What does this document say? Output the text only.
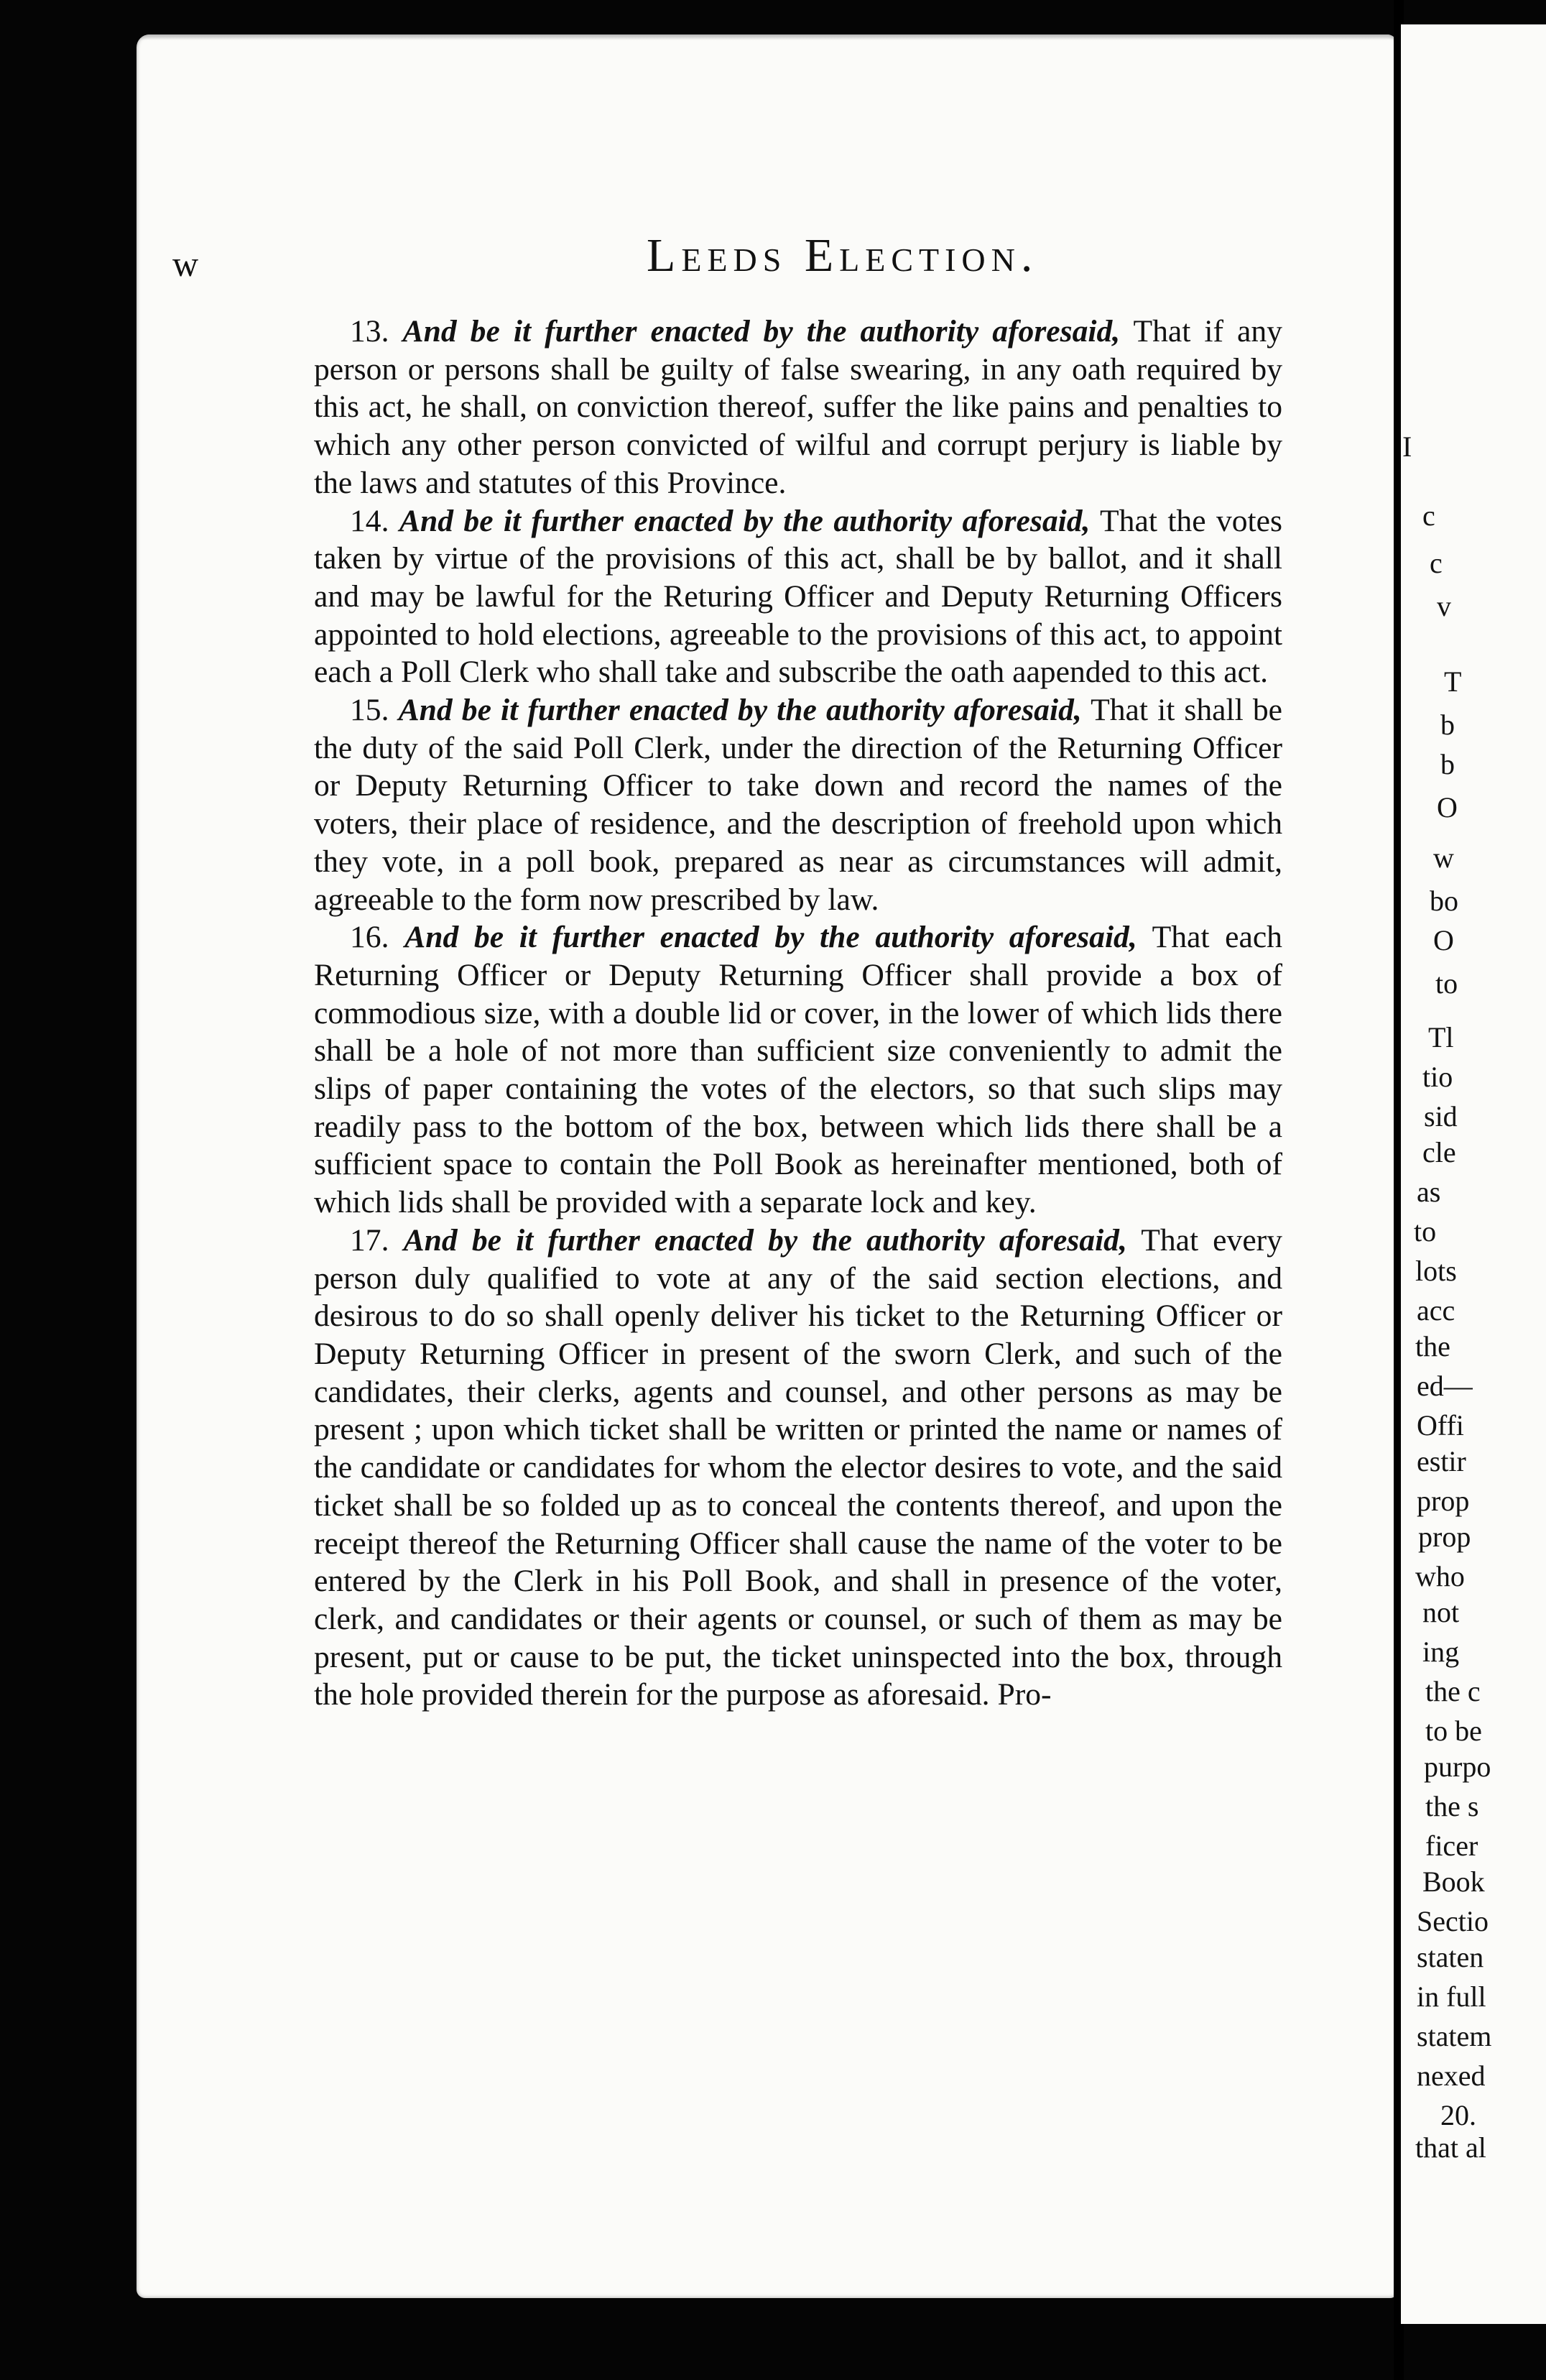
w	Leeds Election.

13. And be it further enacted by the authority aforesaid, That if any person or persons shall be guilty of false swearing, in any oath required by this act, he shall, on conviction thereof, suffer the like pains and penalties to which any other person convicted of wilful and corrupt perjury is liable by the laws and statutes of this Province.

14. And be it further enacted by the authority aforesaid, That the votes taken by virtue of the provisions of this act, shall be by ballot, and it shall and may be lawful for the Returing Officer and Deputy Returning Officers appointed to hold elections, agreeable to the provisions of this act, to appoint each a Poll Clerk who shall take and subscribe the oath aapended to this act.

15. And be it further enacted by the authority aforesaid, That it shall be the duty of the said Poll Clerk, under the direction of the Returning Officer or Deputy Returning Officer to take down and record the names of the voters, their place of residence, and the description of freehold upon which they vote, in a poll book, prepared as near as circumstances will admit, agreeable to the form now prescribed by law.

16. And be it further enacted by the authority aforesaid, That each Returning Officer or Deputy Returning Officer shall provide a box of commodious size, with a double lid or cover, in the lower of which lids there shall be a hole of not more than sufficient size conveniently to admit the slips of paper containing the votes of the electors, so that such slips may readily pass to the bottom of the box, between which lids there shall be a sufficient space to contain the Poll Book as hereinafter mentioned, both of which lids shall be provided with a separate lock and key.

17. And be it further enacted by the authority aforesaid, That every person duly qualified to vote at any of the said section elections, and desirous to do so shall openly deliver his ticket to the Returning Officer or Deputy Returning Officer in present of the sworn Clerk, and such of the candidates, their clerks, agents and counsel, and other persons as may be present ; upon which ticket shall be written or printed the name or names of the candidate or candidates for whom the elector desires to vote, and the said ticket shall be so folded up as to conceal the contents thereof, and upon the receipt thereof the Returning Officer shall cause the name of the voter to be entered by the Clerk in his Poll Book, and shall in presence of the voter, clerk, and candidates or their agents or counsel, or such of them as may be present, put or cause to be put, the ticket uninspected into the box, through the hole provided therein for the purpose as aforesaid. Pro-

I
c
c
v
T
b
b
O
w
bo
O
to
Tl
tio
sid
cle
as
to
lots
acc
the
ed—
Offi
estir
prop
prop
who
not
ing
the c
to be
purpo
the s
ficer
Book
Sectio
staten
in full
statem
nexed
20.
that al
